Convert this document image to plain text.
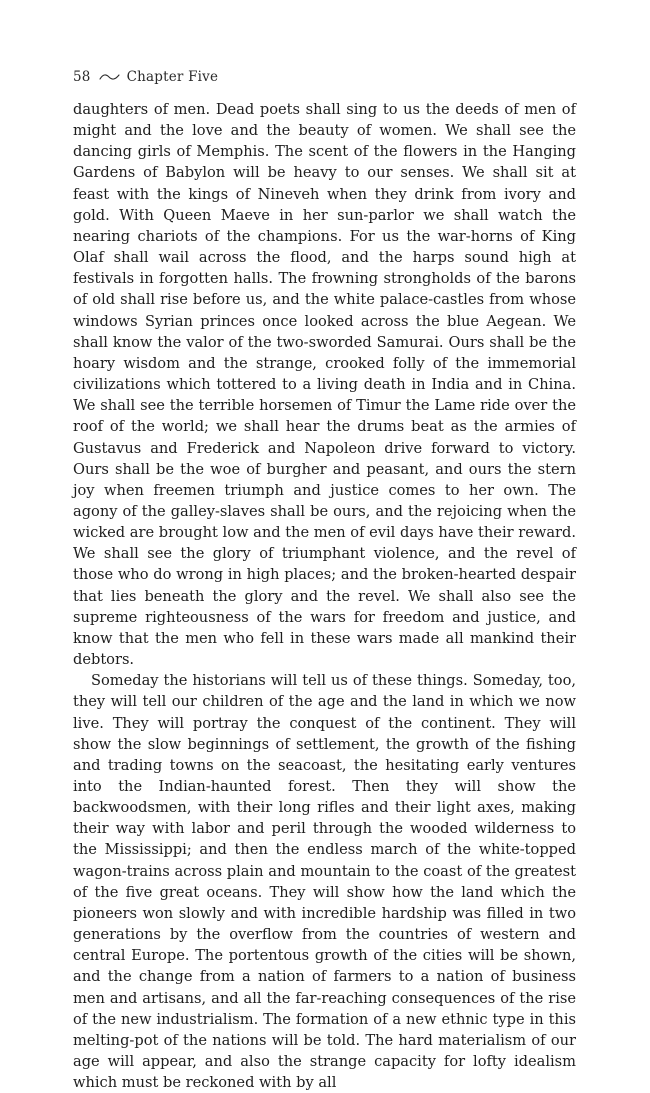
58	Chapter Five

daughters of men. Dead poets shall sing to us the deeds of men of might and the love and the beauty of women. We shall see the dancing girls of Memphis. The scent of the flowers in the Hanging Gardens of Babylon will be heavy to our senses. We shall sit at feast with the kings of Nineveh when they drink from ivory and gold. With Queen Maeve in her sun-parlor we shall watch the nearing chariots of the champions. For us the war-horns of King Olaf shall wail across the flood, and the harps sound high at festivals in forgotten halls. The frowning strongholds of the barons of old shall rise before us, and the white palace-castles from whose windows Syrian princes once looked across the blue Aegean. We shall know the valor of the two-sworded Samurai. Ours shall be the hoary wisdom and the strange, crooked folly of the immemorial civilizations which tottered to a living death in India and in China. We shall see the terrible horsemen of Timur the Lame ride over the roof of the world; we shall hear the drums beat as the armies of Gustavus and Frederick and Napoleon drive forward to victory. Ours shall be the woe of burgher and peasant, and ours the stern joy when freemen triumph and justice comes to her own. The agony of the galley-slaves shall be ours, and the rejoicing when the wicked are brought low and the men of evil days have their reward. We shall see the glory of triumphant violence, and the revel of those who do wrong in high places; and the broken-hearted despair that lies beneath the glory and the revel. We shall also see the supreme righteousness of the wars for freedom and justice, and know that the men who fell in these wars made all mankind their debtors.

Someday the historians will tell us of these things. Someday, too, they will tell our children of the age and the land in which we now live. They will portray the conquest of the continent. They will show the slow beginnings of settlement, the growth of the fishing and trading towns on the seacoast, the hesitating early ventures into the Indian-haunted forest. Then they will show the backwoodsmen, with their long rifles and their light axes, making their way with labor and peril through the wooded wilderness to the Mississippi; and then the endless march of the white-topped wagon-trains across plain and mountain to the coast of the greatest of the five great oceans. They will show how the land which the pioneers won slowly and with incredible hardship was filled in two generations by the overflow from the countries of western and central Europe. The portentous growth of the cities will be shown, and the change from a nation of farmers to a nation of business men and artisans, and all the far-reaching consequences of the rise of the new industrialism. The formation of a new ethnic type in this melting-pot of the nations will be told. The hard materialism of our age will appear, and also the strange capacity for lofty idealism which must be reckoned with by all
